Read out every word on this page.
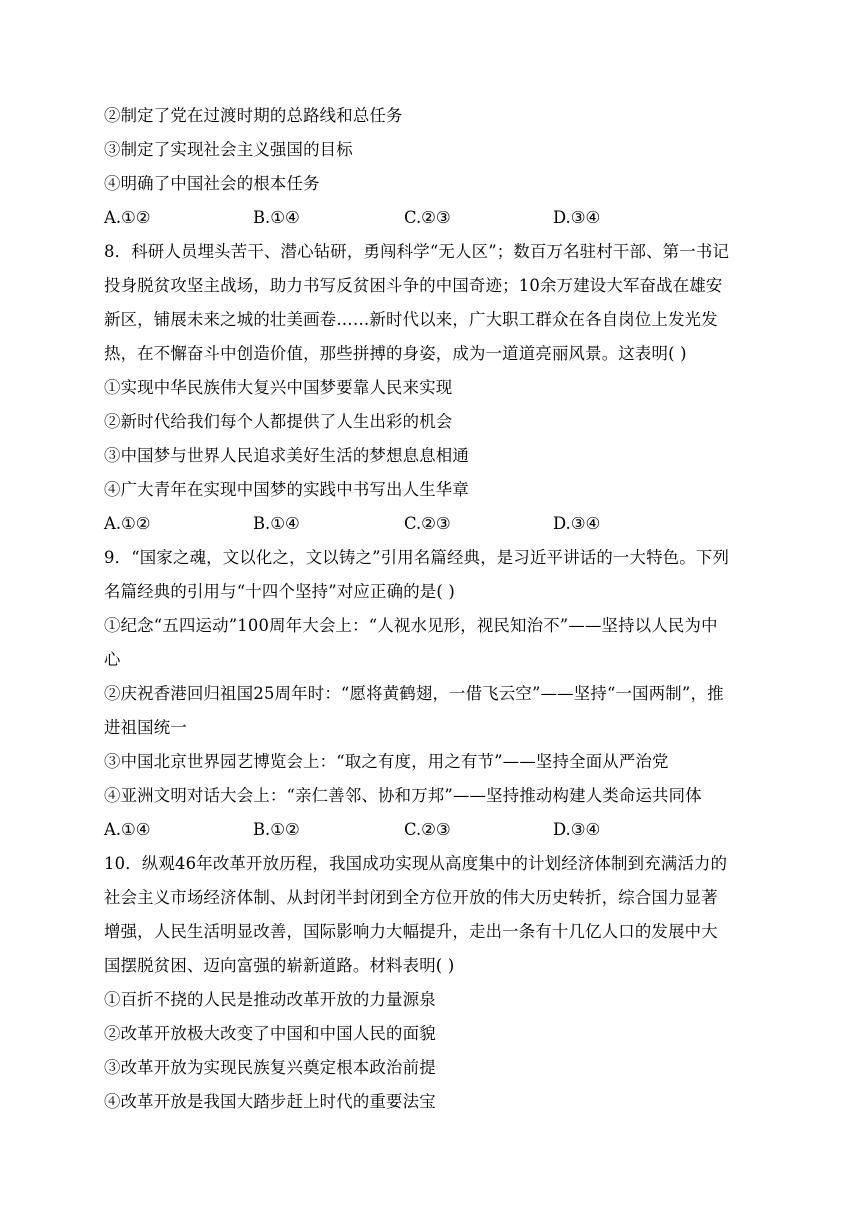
②制定了党在过渡时期的总路线和总任务
③制定了实现社会主义强国的目标
④明确了中国社会的根本任务
A.①②	B.①④	C.②③	D.③④
8．科研人员埋头苦干、潜心钻研，勇闯科学“无人区”；数百万名驻村干部、第一书记
投身脱贫攻坚主战场，助力书写反贫困斗争的中国奇迹；10余万建设大军奋战在雄安
新区，铺展未来之城的壮美画卷……新时代以来，广大职工群众在各自岗位上发光发
热，在不懈奋斗中创造价值，那些拼搏的身姿，成为一道道亮丽风景。这表明( )
①实现中华民族伟大复兴中国梦要靠人民来实现
②新时代给我们每个人都提供了人生出彩的机会
③中国梦与世界人民追求美好生活的梦想息息相通
④广大青年在实现中国梦的实践中书写出人生华章
A.①②	B.①④	C.②③	D.③④
9．“国家之魂，文以化之，文以铸之”引用名篇经典，是习近平讲话的一大特色。下列
名篇经典的引用与“十四个坚持”对应正确的是( )
①纪念“五四运动”100周年大会上：“人视水见形，视民知治不”——坚持以人民为中
心
②庆祝香港回归祖国25周年时：“愿将黄鹤翅，一借飞云空”——坚持“一国两制”，推
进祖国统一
③中国北京世界园艺博览会上：“取之有度，用之有节”——坚持全面从严治党
④亚洲文明对话大会上：“亲仁善邻、协和万邦”——坚持推动构建人类命运共同体
A.①④	B.①②	C.②③	D.③④
10．纵观46年改革开放历程，我国成功实现从高度集中的计划经济体制到充满活力的
社会主义市场经济体制、从封闭半封闭到全方位开放的伟大历史转折，综合国力显著
增强，人民生活明显改善，国际影响力大幅提升，走出一条有十几亿人口的发展中大
国摆脱贫困、迈向富强的崭新道路。材料表明( )
①百折不挠的人民是推动改革开放的力量源泉
②改革开放极大改变了中国和中国人民的面貌
③改革开放为实现民族复兴奠定根本政治前提
④改革开放是我国大踏步赶上时代的重要法宝
